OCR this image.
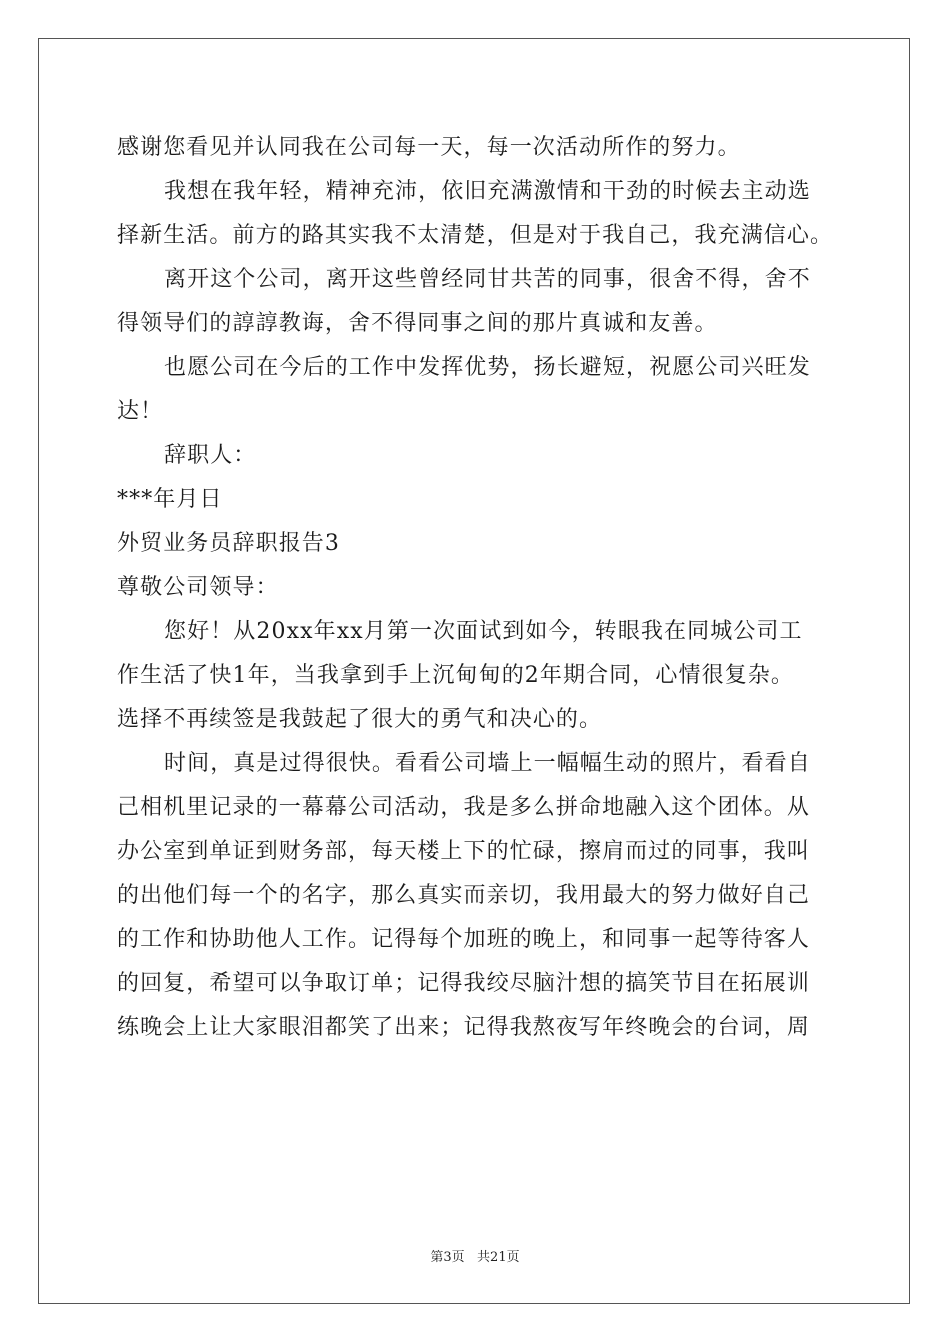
感谢您看见并认同我在公司每一天，每一次活动所作的努力。
我想在我年轻，精神充沛，依旧充满激情和干劲的时候去主动选
择新生活。前方的路其实我不太清楚，但是对于我自己，我充满信心。
离开这个公司，离开这些曾经同甘共苦的同事，很舍不得，舍不
得领导们的諄諄教诲，舍不得同事之间的那片真诚和友善。
也愿公司在今后的工作中发挥优势，扬长避短，祝愿公司兴旺发
达！
辞职人：
***年月日
外贸业务员辞职报告3
尊敬公司领导：
您好！从20xx年xx月第一次面试到如今，转眼我在同城公司工
作生活了快1年，当我拿到手上沉甸甸的2年期合同，心情很复杂。
选择不再续签是我鼓起了很大的勇气和决心的。
时间，真是过得很快。看看公司墙上一幅幅生动的照片，看看自
己相机里记录的一幕幕公司活动，我是多么拼命地融入这个团体。从
办公室到单证到财务部，每天楼上下的忙碌，擦肩而过的同事，我叫
的出他们每一个的名字，那么真实而亲切，我用最大的努力做好自己
的工作和协助他人工作。记得每个加班的晚上，和同事一起等待客人
的回复，希望可以争取订单；记得我绞尽脑汁想的搞笑节目在拓展训
练晚会上让大家眼泪都笑了出来；记得我熬夜写年终晚会的台词，周
第3页   共21页
